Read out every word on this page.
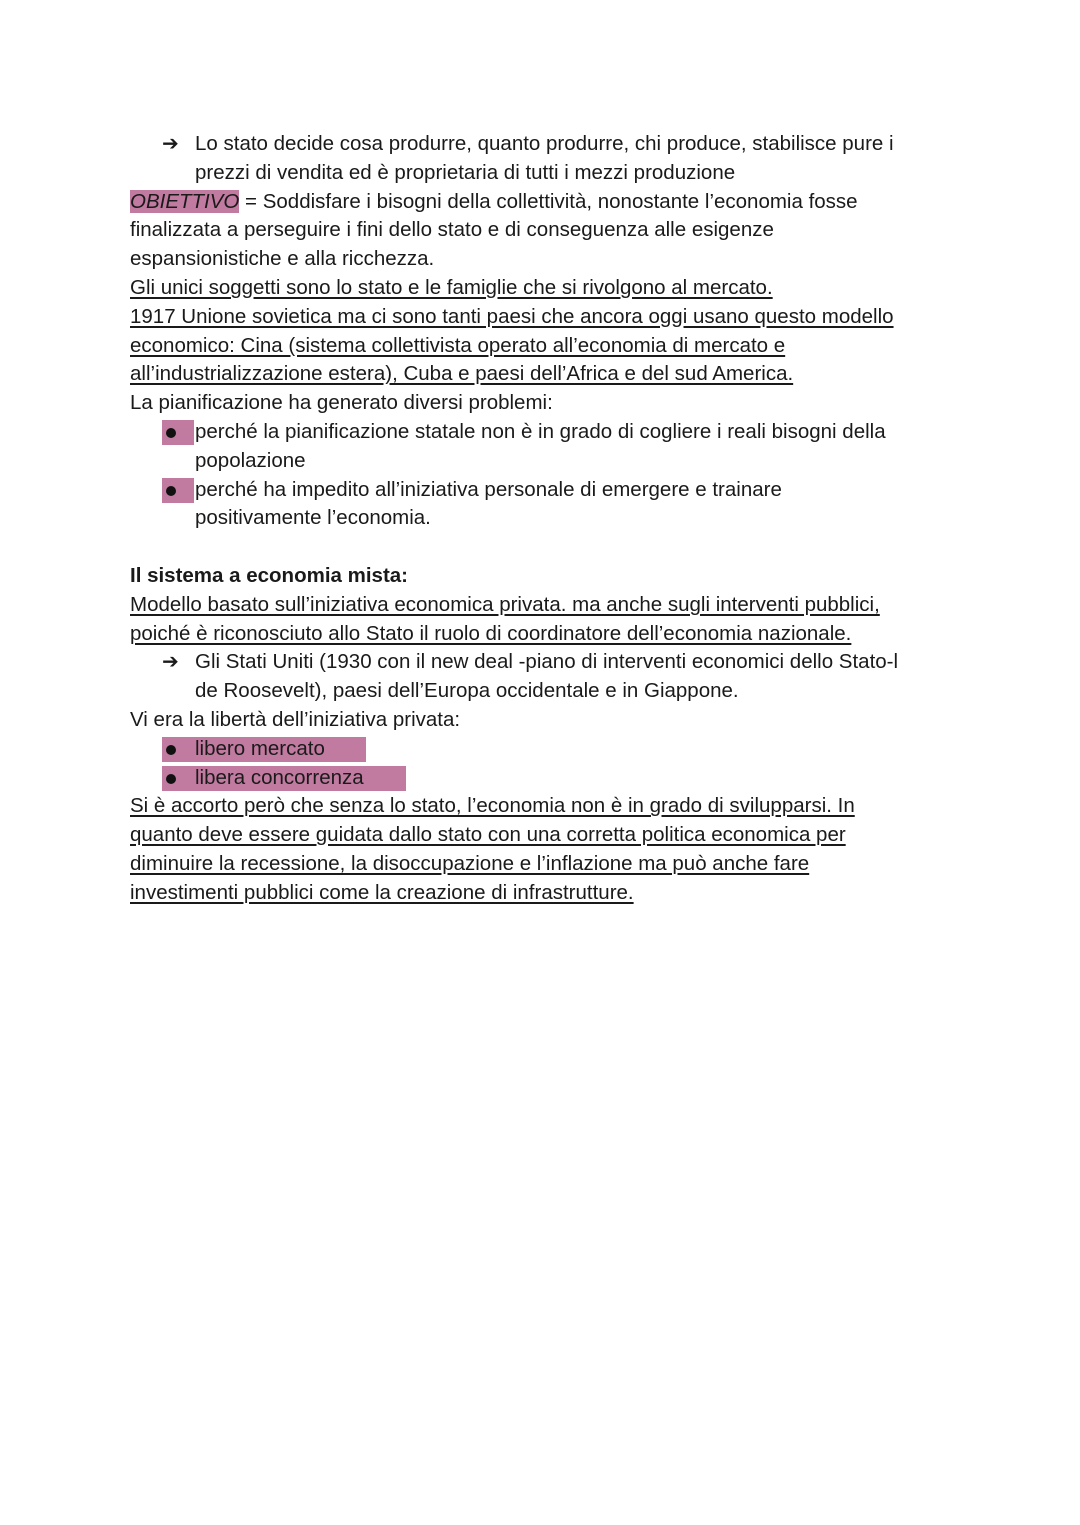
➔ Lo stato decide cosa produrre, quanto produrre, chi produce, stabilisce pure i
prezzi di vendita ed è proprietaria di tutti i mezzi produzione
OBIETTIVO = Soddisfare i bisogni della collettività, nonostante l’economia fosse
finalizzata a perseguire i fini dello stato e di conseguenza alle esigenze
espansionistiche e alla ricchezza.
Gli unici soggetti sono lo stato e le famiglie che si rivolgono al mercato.
1917 Unione sovietica ma ci sono tanti paesi che ancora oggi usano questo modello
economico: Cina (sistema collettivista operato all’economia di mercato e
all’industrializzazione estera), Cuba e paesi dell’Africa e del sud America.
La pianificazione ha generato diversi problemi:
perché la pianificazione statale non è in grado di cogliere i reali bisogni della
popolazione
perché ha impedito all’iniziativa personale di emergere e trainare
positivamente l’economia.
Il sistema a economia mista:
Modello basato sull’iniziativa economica privata. ma anche sugli interventi pubblici,
poiché è riconosciuto allo Stato il ruolo di coordinatore dell’economia nazionale.
➔ Gli Stati Uniti (1930 con il new deal -piano di interventi economici dello Stato-l
de Roosevelt), paesi dell’Europa occidentale e in Giappone.
Vi era la libertà dell’iniziativa privata:
libero mercato
libera concorrenza
Si è accorto però che senza lo stato, l’economia non è in grado di svilupparsi. In
quanto deve essere guidata dallo stato con una corretta politica economica per
diminuire la recessione, la disoccupazione e l’inflazione ma può anche fare
investimenti pubblici come la creazione di infrastrutture.
